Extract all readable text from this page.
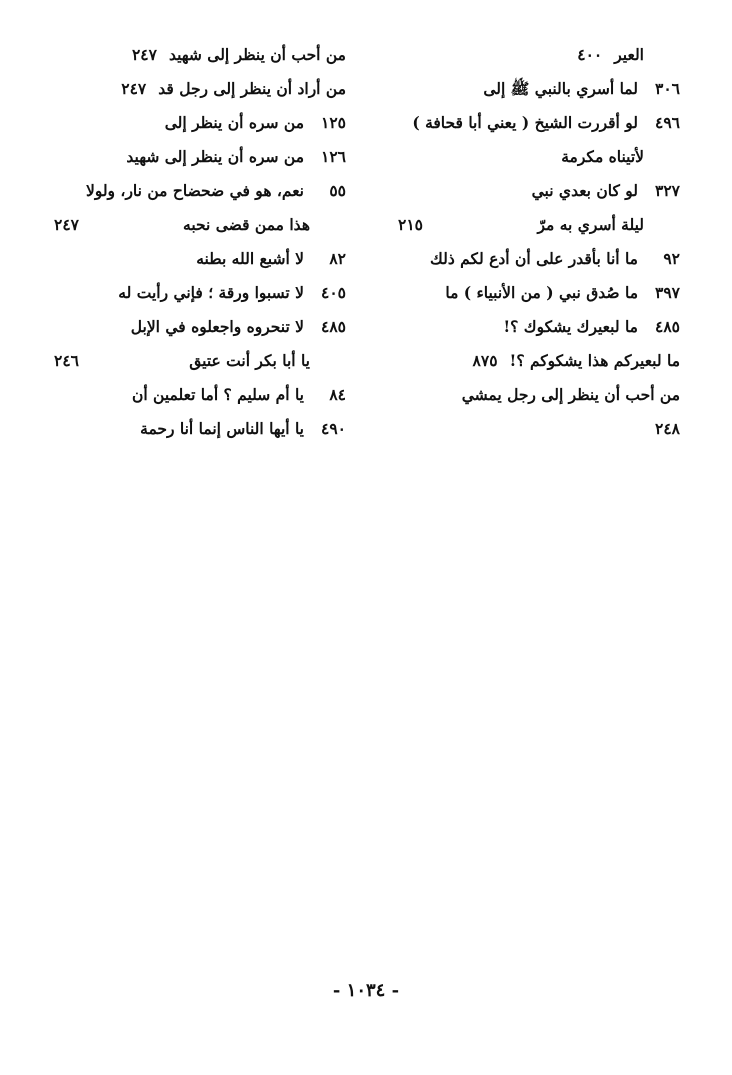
العير
٤٠٠
٣٠٦
لما أسري بالنبي ﷺ إلى
٤٩٦
لو أقررت الشيخ ( يعني أبا قحافة )
لأتيناه مكرمة
٣٢٧
لو كان بعدي نبي
ليلة أسري به مرّ
٢١٥
٩٢
ما أنا بأقدر على أن أدع لكم ذلك
٣٩٧
ما صُدق نبي ( من الأنبياء ) ما
٤٨٥
ما لبعيرك يشكوك ؟!
ما لبعيركم هذا يشكوكم ؟!
٨٧٥
من أحب أن ينظر إلى رجل يمشي
٢٤٨
من أحب أن ينظر إلى شهيد
٢٤٧
من أراد أن ينظر إلى رجل قد
٢٤٧
١٢٥
من سره أن ينظر إلى
١٢٦
من سره أن ينظر إلى شهيد
٥٥
نعم، هو في ضحضاح من نار، ولولا
هذا ممن قضى نحبه
٢٤٧
٨٢
لا أشبع الله بطنه
٤٠٥
لا تسبوا ورقة ؛ فإني رأيت له
٤٨٥
لا تنحروه واجعلوه في الإبل
يا أبا بكر أنت عتيق
٢٤٦
٨٤
يا أم سليم ؟ أما تعلمين أن
٤٩٠
يا أيها الناس إنما أنا رحمة
- ١٠٣٤ -
